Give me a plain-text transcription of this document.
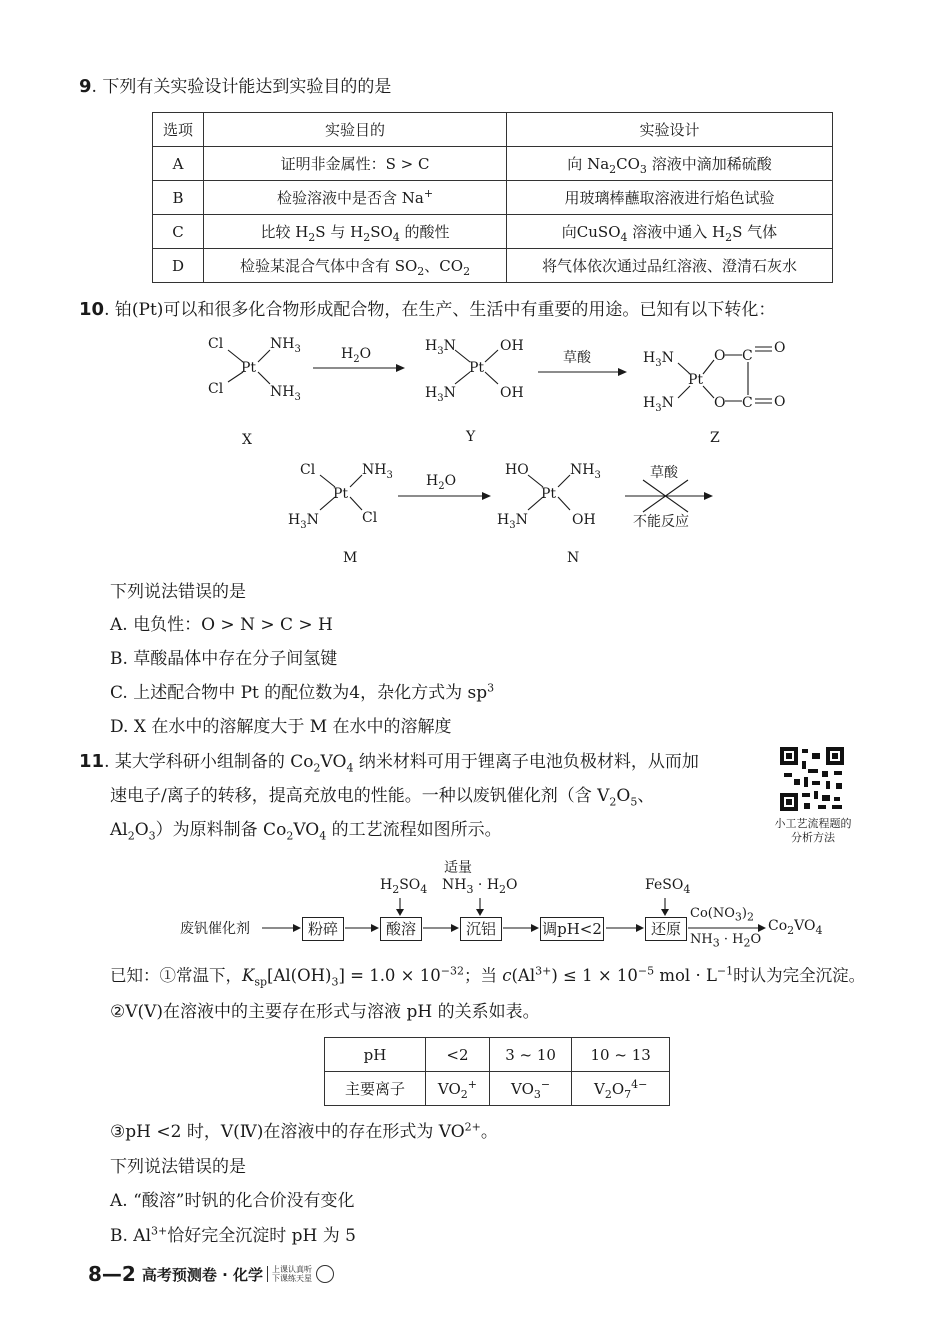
9. 下列有关实验设计能达到实验目的的是
选项	实验目的	实验设计
A	证明非金属性：S > C	向 $Na_2CO_3$ 溶液中滴加稀硫酸
B	检验溶液中是否含 Na+	用玻璃棒蘸取溶液进行焰色试验
C	比较 $H_2S$ 与 $H_2SO_4$ 的酸性	向CuSO$_4$ 溶液中通入 $H_2S$ 气体
D	检验某混合气体中含有 $SO_2$、$CO_2$	将气体依次通过品红溶液、澄清石灰水
10. 铂(Pt)可以和很多化合物形成配合物，在生产、生活中有重要的用途。已知有以下转化：
Cl	$NH_3$
Pt
Cl	$NH_3$
X
$H_2O$	$H_3N$	OH
Pt
$H_3N$	OH
Y
草酸	$H_3N$
Pt
$H_3N$
O C O
O C O
Z
Cl	$NH_3$
Pt
$H_3N$	Cl
M
$H_2O$
HO	$NH_3$
Pt
$H_3N$	OH
N
草酸
不能反应
下列说法错误的是
A. 电负性：O > N > C > H
B. 草酸晶体中存在分子间氢键
C. 上述配合物中 Pt 的配位数为4，杂化方式为 $sp^3$
D. X 在水中的溶解度大于 M 在水中的溶解度
11. 某大学科研小组制备的 $Co_2VO_4$ 纳米材料可用于锂离子电池负极材料，从而加
速电子/离子的转移，提高充放电的性能。一种以废钒催化剂（含 $V_2O_5$、
$Al_2O_3$）为原料制备 $Co_2VO_4$ 的工艺流程如图所示。	小工艺流程题的
分析方法
废钒催化剂	粉碎	酸溶	沉铝	调pH<2	还原
$H_2SO_4$
适量
$NH_3 \cdot H_2O$	FeSO$_4$
$Co(NO_3)_2$
$NH_3 \cdot H_2O$
$Co_2VO_4$
已知：①常温下，$K_{sp}[Al(OH)_3] = 1.0 \times 10^{-32}$；当 $c(Al^{3+}) \le 1 \times 10^{-5}$ mol · $L^{-1}$时认为完全沉淀。
②V(Ⅴ)在溶液中的主要存在形式与溶液 pH 的关系如表。
pH	<2	3 ~ 10	10 ~ 13
主要离子	$VO_2^+$	$VO_3^-$	$V_2O_7^{4-}$
③pH <2 时，V(Ⅳ)在溶液中的存在形式为 $VO^{2+}$。
下列说法错误的是
A. “酸溶”时钒的化合价没有变化
B. $Al^{3+}$恰好完全沉淀时 pH 为 5
8—2 高考预测卷 · 化学 上课认真听
下课练天星
